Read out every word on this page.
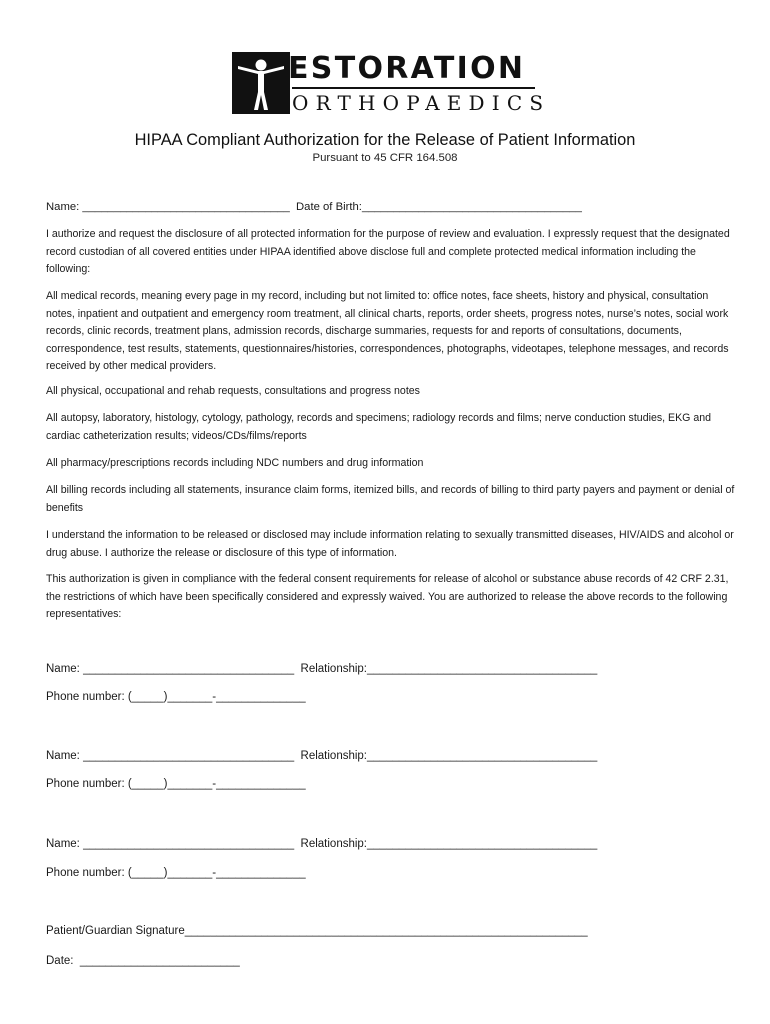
ESTORATION
ORTHOPAEDICS
HIPAA Compliant Authorization for the Release of Patient Information
Pursuant to 45 CFR 164.508
Name: _________________________________  Date of Birth:___________________________________
I authorize and request the disclosure of all protected information for the purpose of review and evaluation. I expressly request that the designated record custodian of all covered entities under HIPAA identified above disclose full and complete protected medical information including the following:
All medical records, meaning every page in my record, including but not limited to: office notes, face sheets, history and physical, consultation notes, inpatient and outpatient and emergency room treatment, all clinical charts, reports, order sheets, progress notes, nurse’s notes, social work records, clinic records, treatment plans, admission records, discharge summaries, requests for and reports of consultations, documents, correspondence, test results, statements, questionnaires/histories, correspondences, photographs, videotapes, telephone messages, and records received by other medical providers.
All physical, occupational and rehab requests, consultations and progress notes
All autopsy, laboratory, histology, cytology, pathology, records and specimens; radiology records and films; nerve conduction studies, EKG and cardiac catheterization results; videos/CDs/films/reports
All pharmacy/prescriptions records including NDC numbers and drug information
All billing records including all statements, insurance claim forms, itemized bills, and records of billing to third party payers and payment or denial of benefits
I understand the information to be released or disclosed may include information relating to sexually transmitted diseases, HIV/AIDS and alcohol or drug abuse. I authorize the release or disclosure of this type of information.
This authorization is given in compliance with the federal consent requirements for release of alcohol or substance abuse records of 42 CRF 2.31, the restrictions of which have been specifically considered and expressly waived. You are authorized to release the above records to the following representatives:
Name: _________________________________  Relationship:____________________________________
Phone number: (_____)_______-______________
Name: _________________________________  Relationship:____________________________________
Phone number: (_____)_______-______________
Name: _________________________________  Relationship:____________________________________
Phone number: (_____)_______-______________
Patient/Guardian Signature_______________________________________________________________
Date:  _________________________
